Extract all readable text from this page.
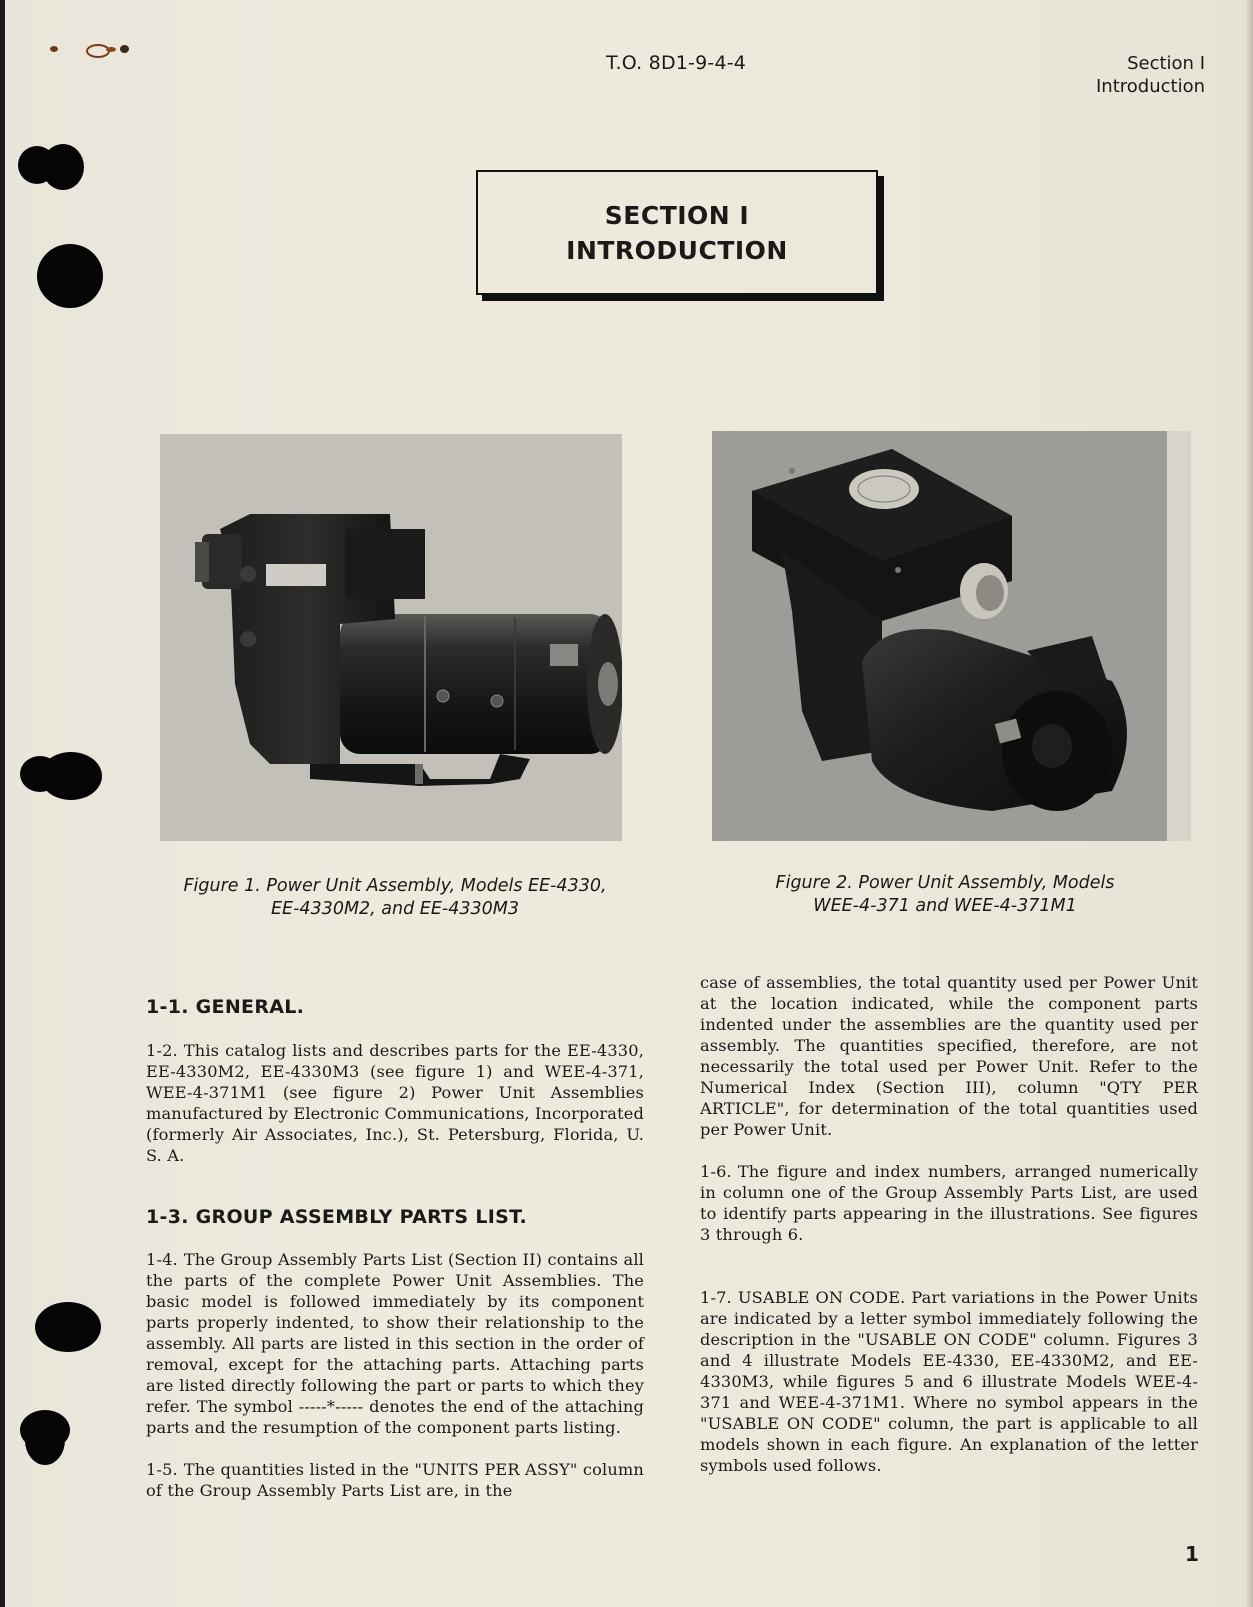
T.O. 8D1-9-4-4	Section I
Introduction
SECTION I
INTRODUCTION
Figure 1. Power Unit Assembly, Models EE-4330,
EE-4330M2, and EE-4330M3
Figure 2. Power Unit Assembly, Models
WEE-4-371 and WEE-4-371M1
1-1. GENERAL.

1-2. This catalog lists and describes parts for the EE-4330, EE-4330M2, EE-4330M3 (see figure 1) and WEE-4-371, WEE-4-371M1 (see figure 2) Power Unit Assemblies manufactured by Electronic Communications, Incorporated (formerly Air Associates, Inc.), St. Petersburg, Florida, U. S. A.

1-3. GROUP ASSEMBLY PARTS LIST.

1-4. The Group Assembly Parts List (Section II) contains all the parts of the complete Power Unit Assemblies. The basic model is followed immediately by its component parts properly indented, to show their relationship to the assembly. All parts are listed in this section in the order of removal, except for the attaching parts. Attaching parts are listed directly following the part or parts to which they refer. The symbol -----*----- denotes the end of the attaching parts and the resumption of the component parts listing.

1-5. The quantities listed in the "UNITS PER ASSY" column of the Group Assembly Parts List are, in the

case of assemblies, the total quantity used per Power Unit at the location indicated, while the component parts indented under the assemblies are the quantity used per assembly. The quantities specified, therefore, are not necessarily the total used per Power Unit. Refer to the Numerical Index (Section III), column "QTY PER ARTICLE", for determination of the total quantities used per Power Unit.

1-6. The figure and index numbers, arranged numerically in column one of the Group Assembly Parts List, are used to identify parts appearing in the illustrations. See figures 3 through 6.

1-7. USABLE ON CODE. Part variations in the Power Units are indicated by a letter symbol immediately following the description in the "USABLE ON CODE" column. Figures 3 and 4 illustrate Models EE-4330, EE-4330M2, and EE-4330M3, while figures 5 and 6 illustrate Models WEE-4-371 and WEE-4-371M1. Where no symbol appears in the "USABLE ON CODE" column, the part is applicable to all models shown in each figure. An explanation of the letter symbols used follows.

1
